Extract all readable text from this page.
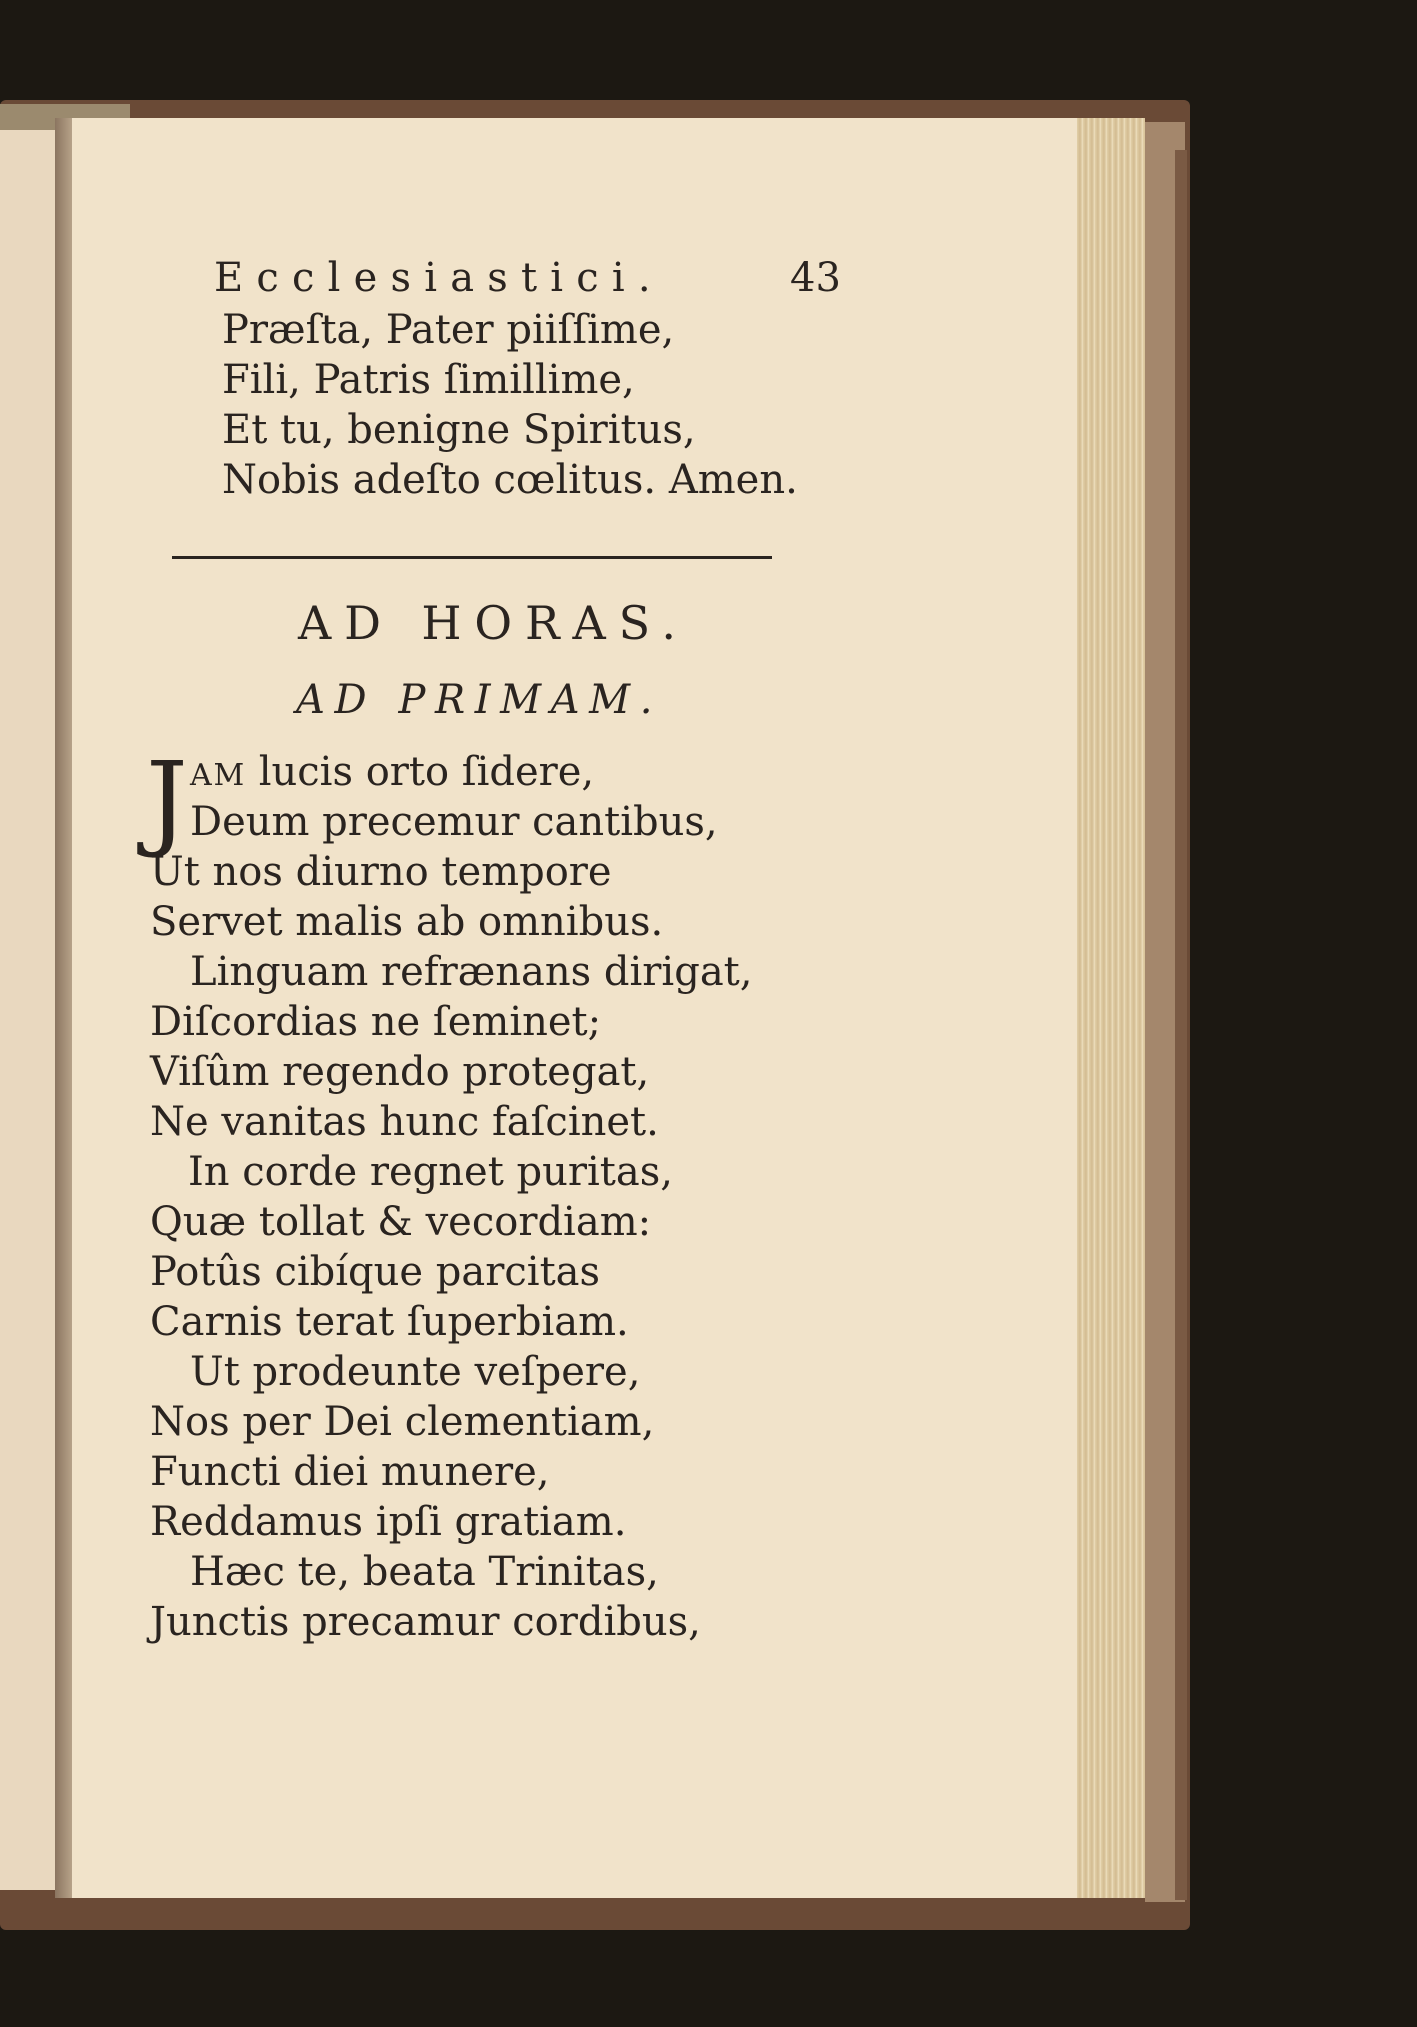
Ecclesiastici.	43

Præſta, Pater piiſſime,

Fili, Patris ſimillime,

Et tu, benigne Spiritus,

Nobis adeſto cœlitus. Amen.

AD HORAS.

AD PRIMAM.

J AM lucis orto ſidere,

Deum precemur cantibus,

Ut nos diurno tempore

Servet malis ab omnibus.

Linguam refrænans dirigat,

Diſcordias ne ſeminet;

Viſûm regendo protegat,

Ne vanitas hunc faſcinet.

In corde regnet puritas,

Quæ tollat & vecordiam:

Potûs cibíque parcitas

Carnis terat ſuperbiam.

Ut prodeunte veſpere,

Nos per Dei clementiam,

Functi diei munere,

Reddamus ipſi gratiam.

Hæc te, beata Trinitas,

Junctis precamur cordibus,
